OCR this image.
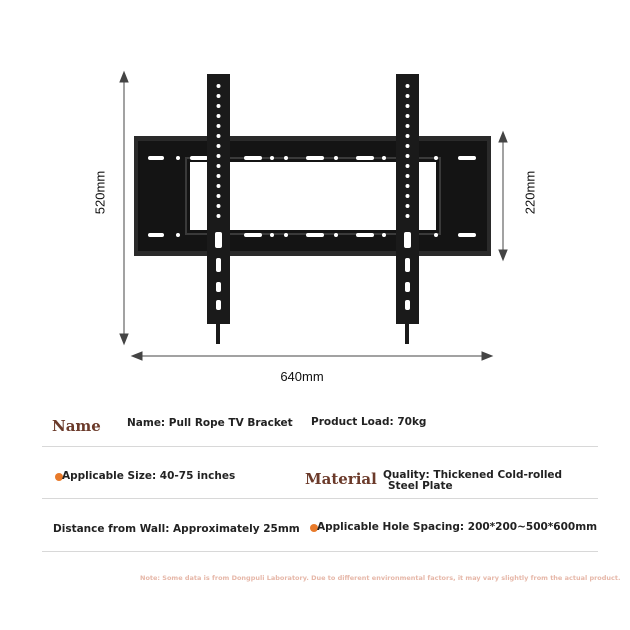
520mm	220mm
640mm
Name Name: Pull Rope TV Bracket Product Load: 70kg
Applicable Size: 40-75 inches	Material Quality: Thickened Cold-rolled
Steel Plate
Distance from Wall: Approximately 25mm Applicable Hole Spacing: 200*200~500*600mm
Note: Some data is from Dongpuli Laboratory. Due to different environmental factors, it may vary slightly from the actual product.
